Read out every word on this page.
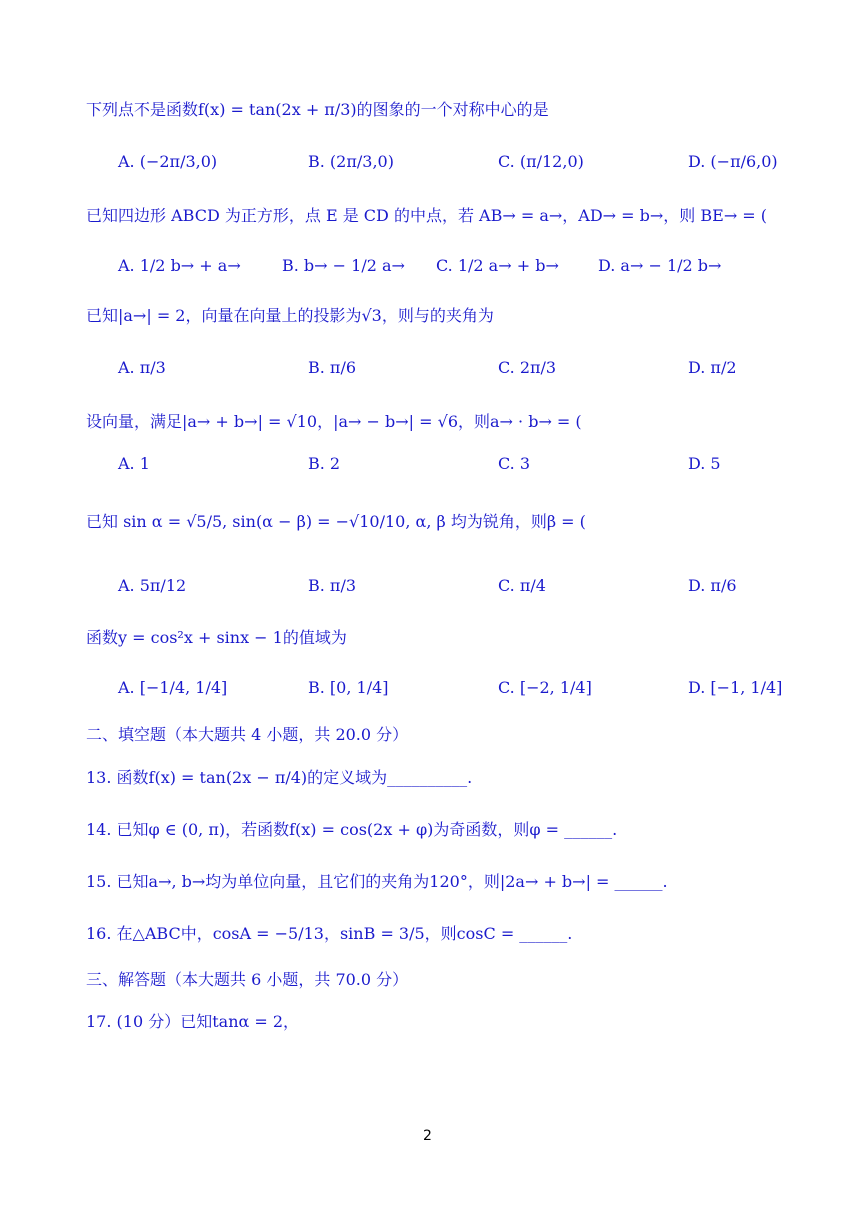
下列点不是函数f(x) = tan(2x + π/3)的图象的一个对称中心的是
A. (−2π/3,0)	B. (2π/3,0)	C. (π/12,0)	D. (−π/6,0)
已知四边形 ABCD 为正方形，点 E 是 CD 的中点，若 AB→ = a→，AD→ = b→，则 BE→ = (
A. 1/2 b→ + a→	B. b→ − 1/2 a→ C. 1/2 a→ + b→ D. a→ − 1/2 b→
已知|a→| = 2，向量在向量上的投影为√3，则与的夹角为
A. π/3	B. π/6	C. 2π/3	D. π/2
设向量，满足|a→ + b→| = √10，|a→ − b→| = √6，则a→ · b→ = (
A. 1	B. 2	C. 3	D. 5
已知 sin α = √5/5, sin(α − β) = −√10/10, α, β 均为锐角，则β = (
A. 5π/12	B. π/3	C. π/4	D. π/6
函数y = cos²x + sinx − 1的值域为
A. [−1/4, 1/4]	B. [0, 1/4]	C. [−2, 1/4]	D. [−1, 1/4]
二、填空题（本大题共 4 小题，共 20.0 分）
13. 函数f(x) = tan(2x − π/4)的定义域为__________.
14. 已知φ ∈ (0, π)，若函数f(x) = cos(2x + φ)为奇函数，则φ = ______.
15. 已知a→, b→均为单位向量，且它们的夹角为120°，则|2a→ + b→| = ______.
16. 在△ABC中，cosA = −5/13，sinB = 3/5，则cosC = ______.
三、解答题（本大题共 6 小题，共 70.0 分）
17. (10 分）已知tanα = 2，
2
